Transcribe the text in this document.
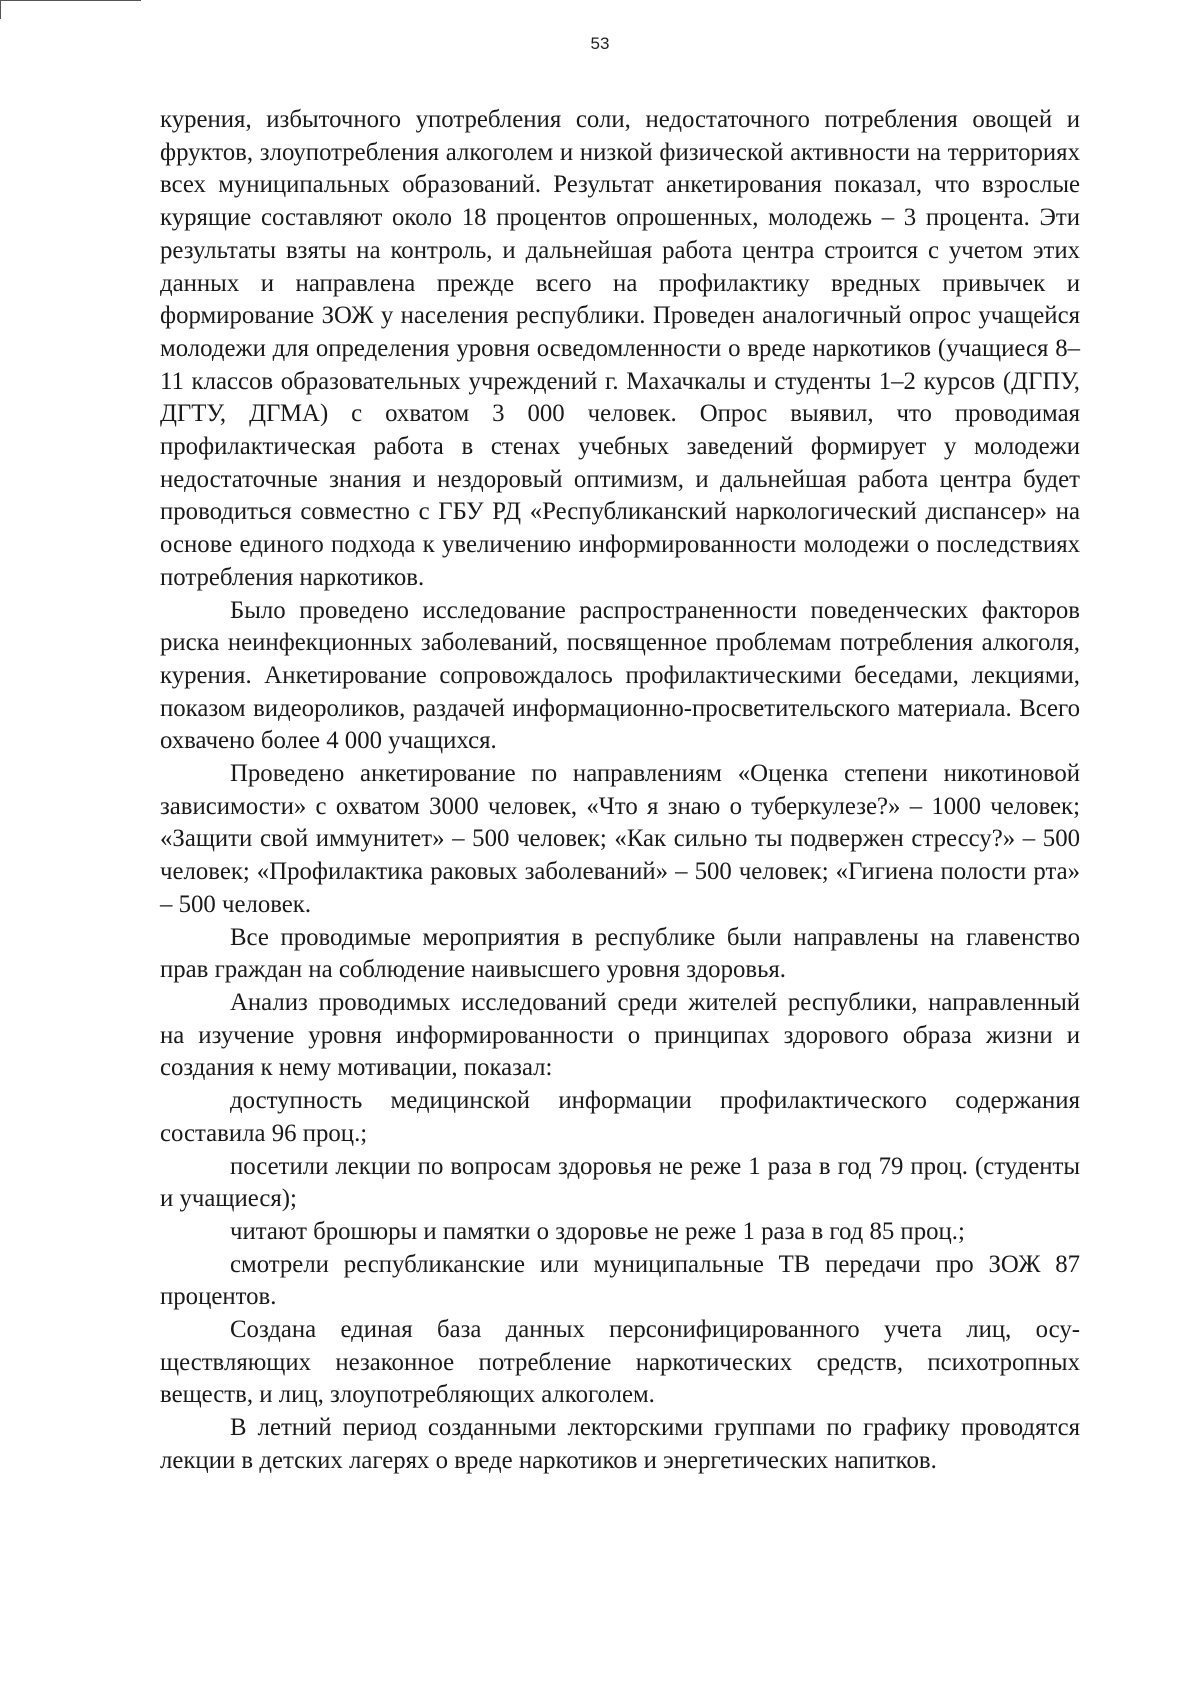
53

курения, избыточного употребления соли, недостаточного потребления овощей и фруктов, злоупотребления алкоголем и низкой физической активности на территориях всех муниципальных образований. Результат анкетирования показал, что взрослые курящие составляют около 18 процентов опрошенных, молодежь – 3 процента. Эти результаты взяты на контроль, и дальнейшая работа центра строится с учетом этих данных и направлена прежде всего на профилактику вредных привычек и формирование ЗОЖ у населения республики. Проведен аналогичный опрос учащейся молодежи для определения уровня осведомленности о вреде наркотиков (учащиеся 8–11 классов образовательных учреждений г. Махачкалы и студенты 1–2 курсов (ДГПУ, ДГТУ, ДГМА) с охватом 3 000 человек. Опрос выявил, что проводимая профилактическая работа в стенах учебных заведений формирует у молодежи недостаточные знания и нездоровый оптимизм, и дальнейшая работа центра будет проводиться совместно с ГБУ РД «Республиканский наркологический диспансер» на основе единого подхода к увеличению информированности молодежи о последствиях потребления наркотиков.

Было проведено исследование распространенности поведенческих факторов риска неинфекционных заболеваний, посвященное проблемам потребления алкоголя, курения. Анкетирование сопровождалось профилактическими беседами, лекциями, показом видеороликов, раздачей информационно-просветительского материала. Всего охвачено более 4 000 учащихся.

Проведено анкетирование по направлениям «Оценка степени никотиновой зависимости» с охватом 3000 человек, «Что я знаю о туберкулезе?» – 1000 человек; «Защити свой иммунитет» – 500 человек; «Как сильно ты подвержен стрессу?» – 500 человек; «Профилактика раковых заболеваний» – 500 человек; «Гигиена полости рта» – 500 человек.

Все проводимые мероприятия в республике были направлены на главенство прав граждан на соблюдение наивысшего уровня здоровья.

Анализ проводимых исследований среди жителей республики, направленный на изучение уровня информированности о принципах здорового образа жизни и создания к нему мотивации, показал:

доступность медицинской информации профилактического содержания составила 96 проц.;

посетили лекции по вопросам здоровья не реже 1 раза в год 79 проц. (студенты и учащиеся);

читают брошюры и памятки о здоровье не реже 1 раза в год 85 проц.;

смотрели республиканские или муниципальные ТВ передачи про ЗОЖ 87 процентов.

Создана единая база данных персонифицированного учета лиц, осуществляющих незаконное потребление наркотических средств, психотропных веществ, и лиц, злоупотребляющих алкоголем.

В летний период созданными лекторскими группами по графику проводятся лекции в детских лагерях о вреде наркотиков и энергетических напитков.
